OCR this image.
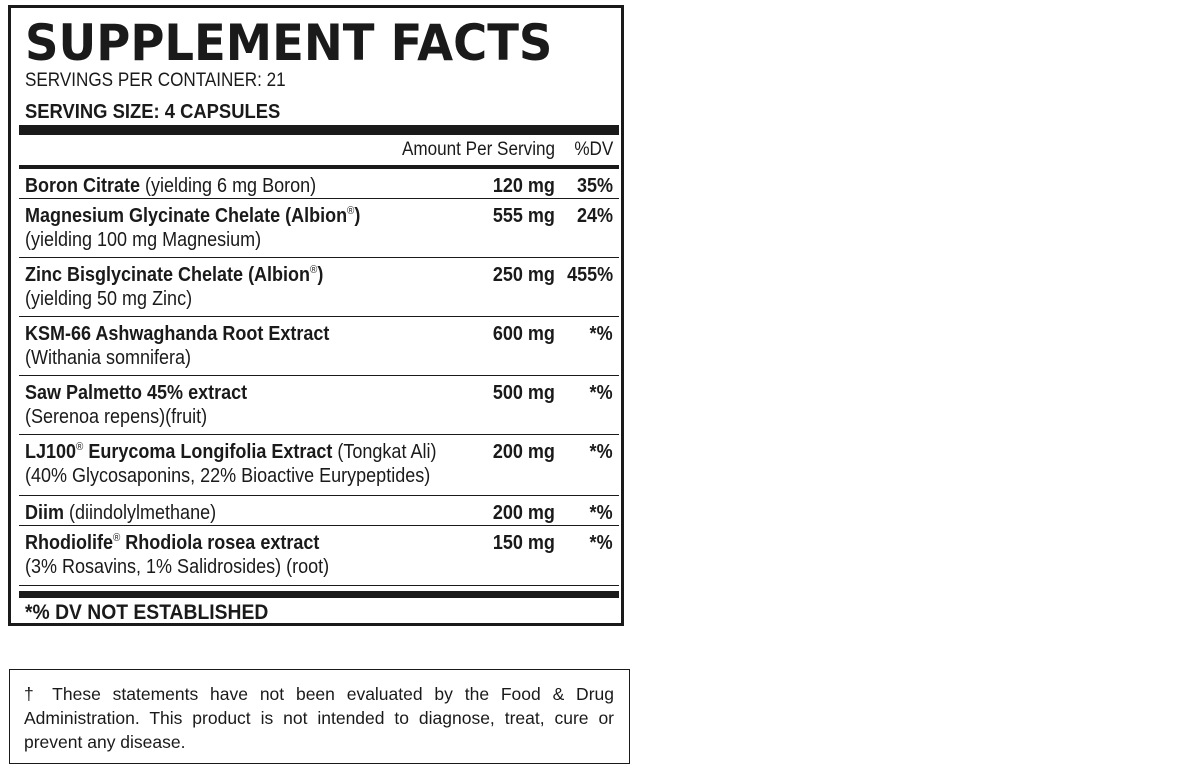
SUPPLEMENT FACTS
SERVINGS PER CONTAINER: 21
SERVING SIZE: 4 CAPSULES
Amount Per Serving %DV
Boron Citrate (yielding 6 mg Boron)	120 mg 35%
Magnesium Glycinate Chelate (Albion®)
(yielding 100 mg Magnesium)
555 mg 24%
Zinc Bisglycinate Chelate (Albion®)
(yielding 50 mg Zinc)
250 mg 455%
KSM-66 Ashwaghanda Root Extract
(Withania somnifera)
600 mg *%
Saw Palmetto 45% extract
(Serenoa repens)(fruit)
500 mg *%
LJ100® Eurycoma Longifolia Extract (Tongkat Ali)
(40% Glycosaponins, 22% Bioactive Eurypeptides)
200 mg *%
Diim (diindolylmethane)	200 mg *%
Rhodiolife® Rhodiola rosea extract
(3% Rosavins, 1% Salidrosides) (root)
150 mg *%
*% DV NOT ESTABLISHED
† These statements have not been evaluated by the Food & Drug Administration. This product is not intended to diagnose, treat, cure or prevent any disease.
